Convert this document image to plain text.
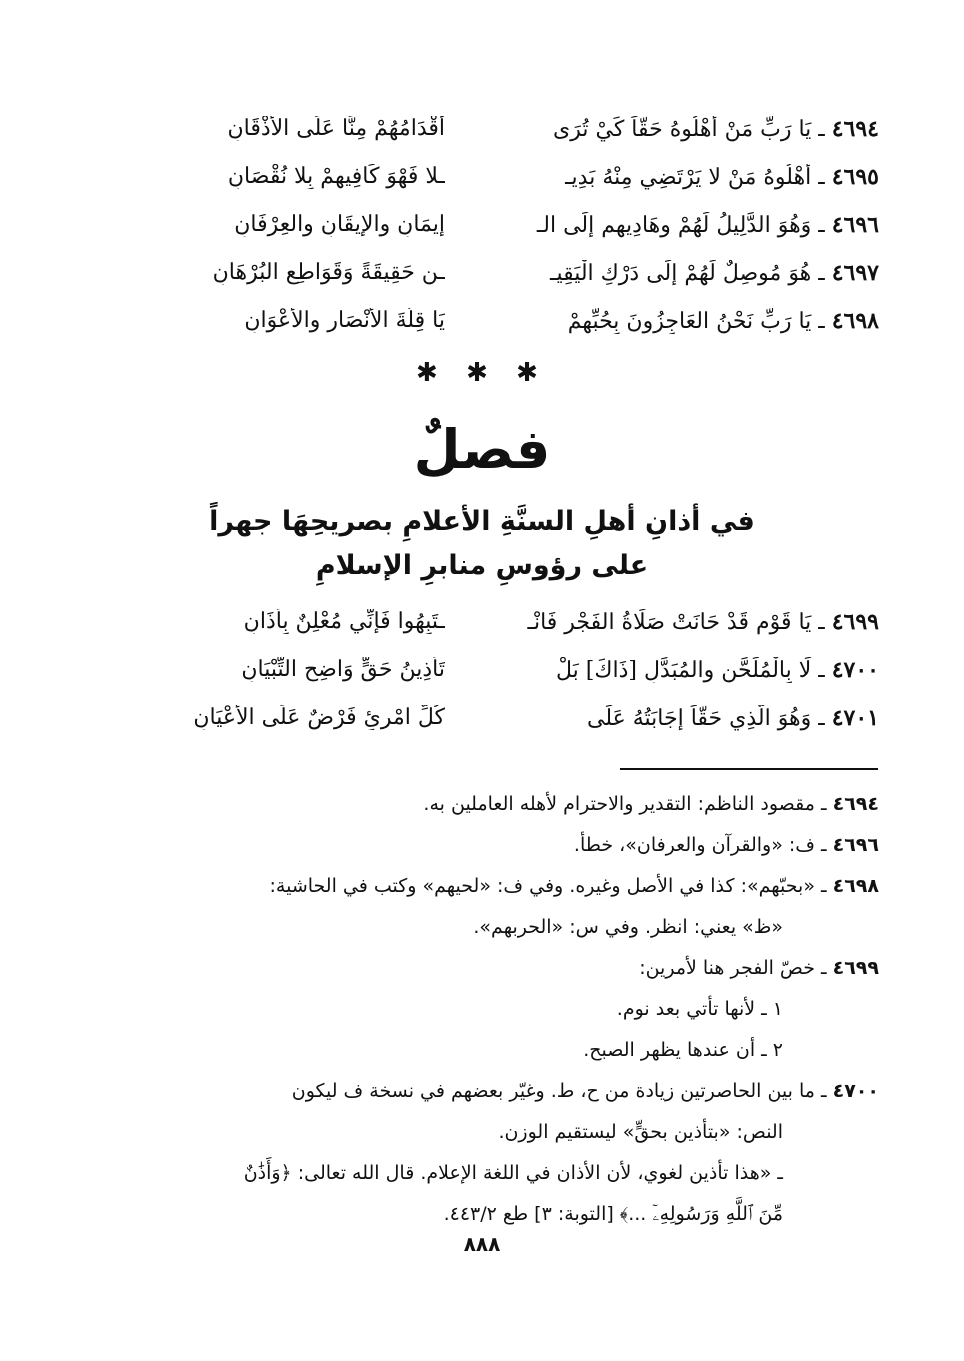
٤٦٩٤ ـ يَا رَبِّ مَنْ أَهْلُوهُ حَقّاً كَيْ تُرَى
أَقْدَامُهُمْ مِنَّا عَلَى الأَذْقَانِ
٤٦٩٥ ـ أَهْلُوهُ مَنْ لا يَرْتَضِي مِنْهُ بَدِيـ
ـلا فَهْوَ كَافِيهِمْ بِلا نُقْصَانِ
٤٦٩٦ ـ وَهُوَ الدَّلِيلُ لَهُمْ وهَادِيهِم إِلَى الـ
إِيمَانِ والإِيقَانِ والعِرْفَانِ
٤٦٩٧ ـ هُوَ مُوصِلٌ لَهُمْ إِلَى دَرْكِ الْيَقِيـ
ـنِ حَقِيقَةً وَقَوَاطِعِ البُرْهَانِ
٤٦٩٨ ـ يَا رَبِّ نَحْنُ العَاجِزُونَ بِحُبِّهِمْ
يَا قِلَّةَ الأَنْصَارِ والأَعْوَانِ
✱ ✱ ✱
فصلٌ
في أذانِ أهلِ السنَّةِ الأعلامِ بصريحِهَا جهراً
على رؤوسِ منابرِ الإسلامِ
٤٦٩٩ ـ يَا قَوْمِ قَدْ حَانَتْ صَلَاةُ الفَجْرِ فَانْـ
ـتَبِهُوا فَإِنِّي مُعْلِنٌ بِأَذَانِ
٤٧٠٠ ـ لَا بِالْمُلَحَّنِ والمُبَدَّلِ [ذَاكَ] بَلْ
تَأْذِينُ حَقٍّ وَاضِحِ التِّبْيَانِ
٤٧٠١ ـ وَهُوَ الَّذِي حَقّاً إِجَابَتُهُ عَلَى
كُلِّ امْرِئٍ فَرْضٌ عَلَى الأَعْيَانِ
٤٦٩٤ ـ مقصود الناظم: التقدير والاحترام لأهله العاملين به.
٤٦٩٦ ـ ف: «والقرآن والعرفان»، خطأ.
٤٦٩٨ ـ «بحبّهم»: كذا في الأصل وغيره. وفي ف: «لحيهم» وكتب في الحاشية:
«ظ» يعني: انظر. وفي س: «الحربهم».
٤٦٩٩ ـ خصّ الفجر هنا لأمرين:
١ ـ لأنها تأتي بعد نوم.
٢ ـ أن عندها يظهر الصبح.
٤٧٠٠ ـ ما بين الحاصرتين زيادة من ح، ط. وغيّر بعضهم في نسخة ف ليكون
النص: «بتأذين بحقٍّ» ليستقيم الوزن.
ـ «هذا تأذين لغوي، لأن الأذان في اللغة الإعلام. قال الله تعالى: ﴿وَأَذَٰنٌ
مِّنَ ٱللَّهِ وَرَسُولِهِۦٓ ...﴾ [التوبة: ٣] طع ٤٤٣/٢.
٨٨٨
